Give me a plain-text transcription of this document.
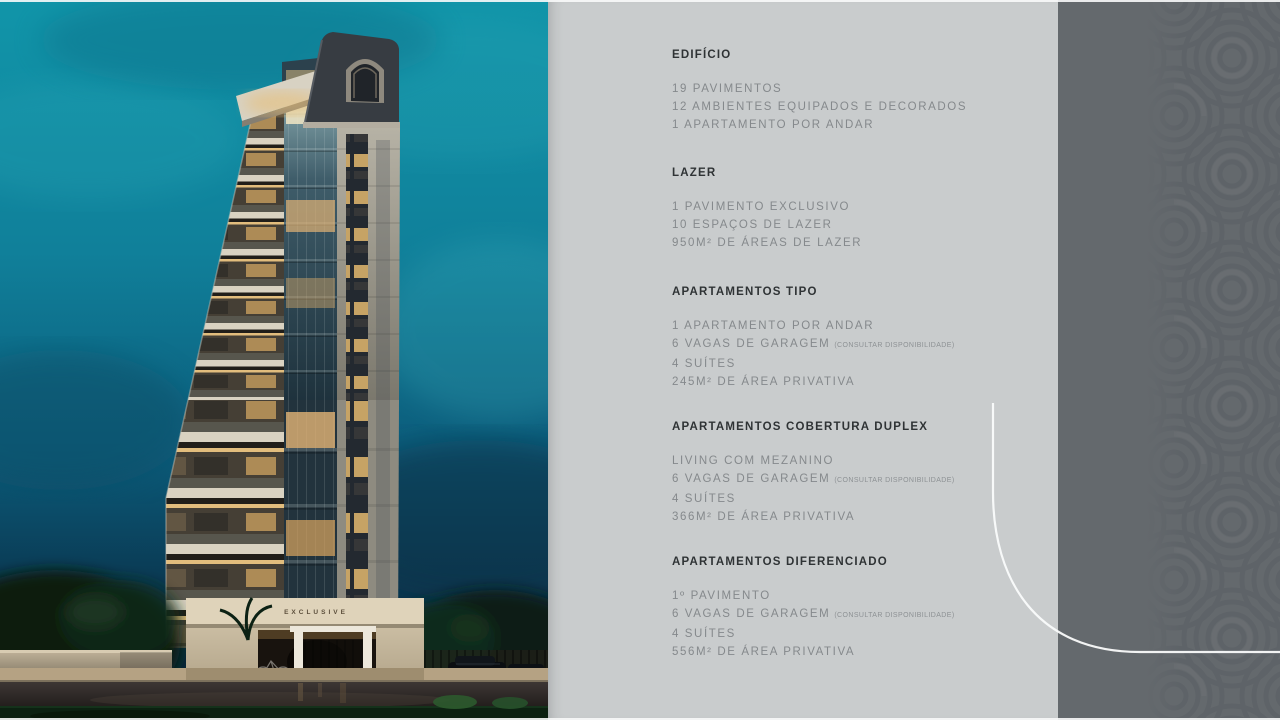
EXCLUSIVE
EDIFÍCIO
19 PAVIMENTOS
12 AMBIENTES EQUIPADOS E DECORADOS
1 APARTAMENTO POR ANDAR
LAZER
1 PAVIMENTO EXCLUSIVO
10 ESPAÇOS DE LAZER
950M² DE ÁREAS DE LAZER
APARTAMENTOS TIPO
1 APARTAMENTO POR ANDAR
6 VAGAS DE GARAGEM (CONSULTAR DISPONIBILIDADE)
4 SUÍTES
245M² DE ÁREA PRIVATIVA
APARTAMENTOS COBERTURA DUPLEX
LIVING COM MEZANINO
6 VAGAS DE GARAGEM (CONSULTAR DISPONIBILIDADE)
4 SUÍTES
366M² DE ÁREA PRIVATIVA
APARTAMENTOS DIFERENCIADO
1º PAVIMENTO
6 VAGAS DE GARAGEM (CONSULTAR DISPONIBILIDADE)
4 SUÍTES
556M² DE ÁREA PRIVATIVA
